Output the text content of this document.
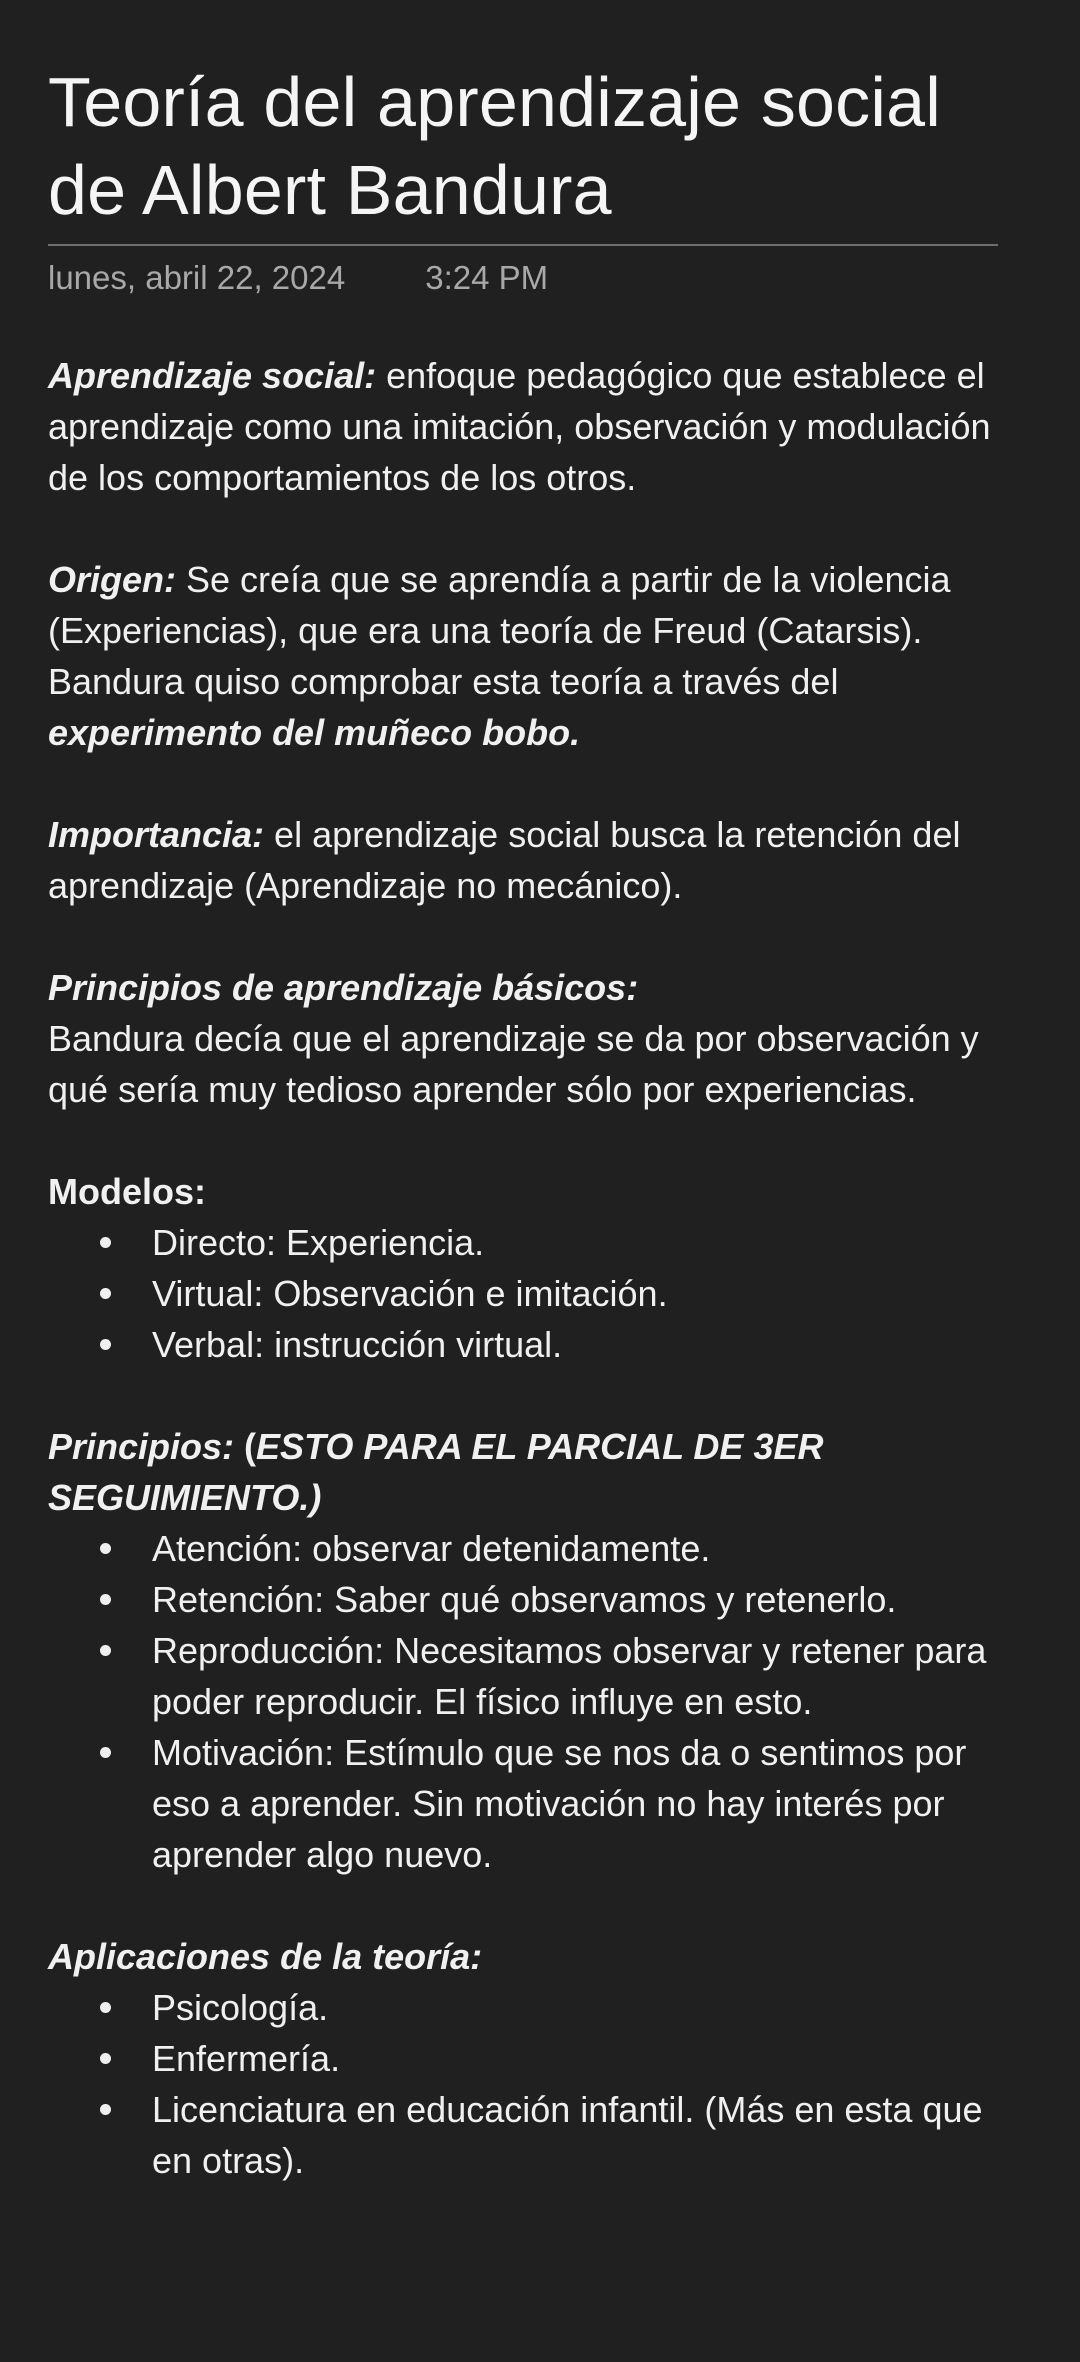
Teoría del aprendizaje social
de Albert Bandura
lunes, abril 22, 2024 3:24 PM

Aprendizaje social: enfoque pedagógico que establece el aprendizaje como una imitación, observación y modulación de los comportamientos de los otros.

Origen: Se creía que se aprendía a partir de la violencia (Experiencias), que era una teoría de Freud (Catarsis). Bandura quiso comprobar esta teoría a través del experimento del muñeco bobo.

Importancia: el aprendizaje social busca la retención del aprendizaje (Aprendizaje no mecánico).

Principios de aprendizaje básicos:
Bandura decía que el aprendizaje se da por observación y qué sería muy tedioso aprender sólo por experiencias.
Modelos:
Directo: Experiencia.
Virtual: Observación e imitación.
Verbal: instrucción virtual.
Principios: (ESTO PARA EL PARCIAL DE 3ER SEGUIMIENTO.)
Atención: observar detenidamente.
Retención: Saber qué observamos y retenerlo.
Reproducción: Necesitamos observar y retener para poder reproducir. El físico influye en esto.
Motivación: Estímulo que se nos da o sentimos por eso a aprender. Sin motivación no hay interés por aprender algo nuevo.
Aplicaciones de la teoría:
Psicología.
Enfermería.
Licenciatura en educación infantil. (Más en esta que en otras).
